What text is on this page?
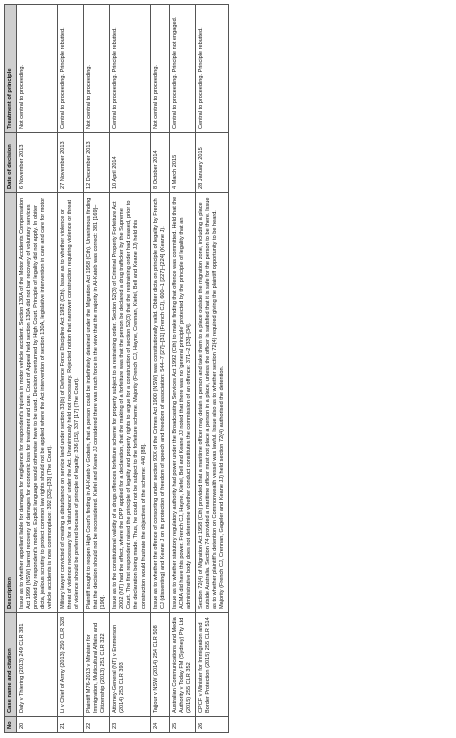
No	Case name and citation	Description	Date of decision	Treatment of principle
20	Daly v Thiering (2013) 249 CLR 381	Issue as to whether appellant liable for damages for negligence for respondent's injuries in motor vehicle accident. Section 130A of the Motor Accidents Compensation Act 1999 (NSW) barred recovery of damages for economic loss for treatment and care. Court of Appeal held section 130A did not bar recovery of voluntary services provided by respondent's mother. Explicit language would otherwise have to be used. Decision overturned by High Court. Principle of legality did not apply. In obiter dicta, jealous scrutiny to protect common law rights should not be applied where the Act intervention of section 130A, legislative intervention in care and care for motor vehicle accidents is now commonplace: 392 [32]–[33] (The Court).	6 November 2013	Not central to proceeding.
21	Li v Chief of Army (2013) 250 CLR 328	Military lawyer convicted of creating a disturbance on service land under section 33(b) of Defence Force Discipline Act 1982 (Cth). Issue as to whether violence or threat of violence necessary for a 'disturbance' under the Act. Unanimously held not necessary. Rejected notion that narrower construction requiring violence or threat of violence should be preferred because of principle of legality: 336 [15], 337 [17] (The Court).	27 November 2013	Central to proceeding. Principle rebutted.
22	Plaintiff M76-2013 v Minister for Immigration, Multicultural Affairs and Citizenship (2013) 251 CLR 322	Plaintiff sought to reopen High Court's finding in Al-Kateb v Godwin, that a person could be indefinitely detained under the Migration Act 1958 (Cth). Unanimous finding that the decision should not be reconsidered. Kiefel and Keane JJ considered there was much force in the view that the majority in Al-Kateb was correct: 381 [169]–[190].	12 December 2013	Not central to proceeding.
23	Attorney-General (NT) v Emmerson (2014) 253 CLR 393	Issue as to the constitutional validity of a drugs offences forfeiture scheme for property subject to a restraining order. Section 52(3) of Criminal Property Forfeiture Act 2002 (NT) had the effect, where the DPP applied for a declaration, that the making of a forfeiture was that the person be declared a drug trafficker by the Supreme Court. The first respondent raised the principle of legality and property rights to argue for a construction of section 52(3) that the restraining order had ceased, prior to the declaration being made. Thus, he could not be subject to the forfeiture scheme. Majority (French CJ, Hayne, Crennan, Kiefel, Bell and Keane JJ) held this construction would frustrate the objectives of the scheme: 440 [88].	10 April 2014	Central to proceeding. Principle rebutted.
24	Tajjour v NSW (2014) 254 CLR 508	Issue as to whether the offence of consorting under section 93X of the Crimes Act 1900 (NSW) was constitutionally valid. Obiter dicta on principle of legality by French CJ (dissenting) and Keane J on its protection of freedom of speech and freedom of association: 544–7 [27]–[31] (French CJ), 600–1 [227]–[224] (Keane J).	8 October 2014	Not central to proceeding.
25	Australian Communications and Media Authority v Today FM (Sydney) Pty Ltd (2015) 255 CLR 352	Issue as to whether statutory regulatory authority had power under the Broadcasting Services Act 1992 (Cth) to make finding that offence was committed. Held that the ACMA did have this power. French CJ, Hayne, Kiefel, Bell and Keane JJ noted that there was no 'general principle' protected by the principle of legality that an administrative body does not determine whether conduct constitutes the commission of an offence: 371–2 [33]–[34].	4 March 2015	Central to proceeding. Principle not engaged.
26	CPCF v Minister for Immigration and Border Protection (2015) 255 CLR 514	Section 72(4) of Migration Act 1958 (Cth) provided that a maritime officer may detain a person and take them to a place outside the migration zone, including a place outside Australia. Section 74 provided a maritime officer must not place a person in a place, unless the officer is satisfied that it is safe for the person to be there. Issue as to whether plaintiff's detention on Commonwealth vessel was lawful. Issue also as to whether section 72(4) required giving the plaintiff opportunity to be heard. Majority (French CJ, Crennan, Gageler and Keane JJ) held section 72(4) authorised the detention.	28 January 2015	Central to proceeding. Principle rebutted.
